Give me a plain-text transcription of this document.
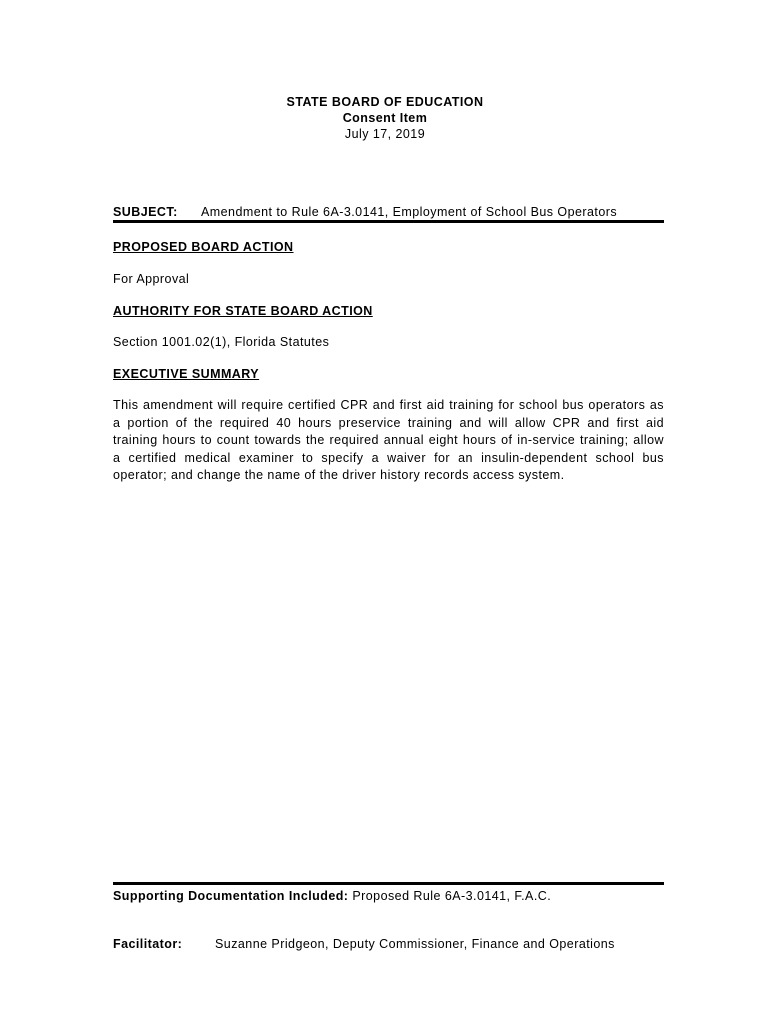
STATE BOARD OF EDUCATION
Consent Item
July 17, 2019
SUBJECT:	Amendment to Rule 6A-3.0141, Employment of School Bus Operators
PROPOSED BOARD ACTION
For Approval
AUTHORITY FOR STATE BOARD ACTION
Section 1001.02(1), Florida Statutes
EXECUTIVE SUMMARY
This amendment will require certified CPR and first aid training for school bus operators as a portion of the required 40 hours preservice training and will allow CPR and first aid training hours to count towards the required annual eight hours of in-service training; allow a certified medical examiner to specify a waiver for an insulin-dependent school bus operator; and change the name of the driver history records access system.
Supporting Documentation Included: Proposed Rule 6A-3.0141, F.A.C.
Facilitator:	Suzanne Pridgeon, Deputy Commissioner, Finance and Operations
